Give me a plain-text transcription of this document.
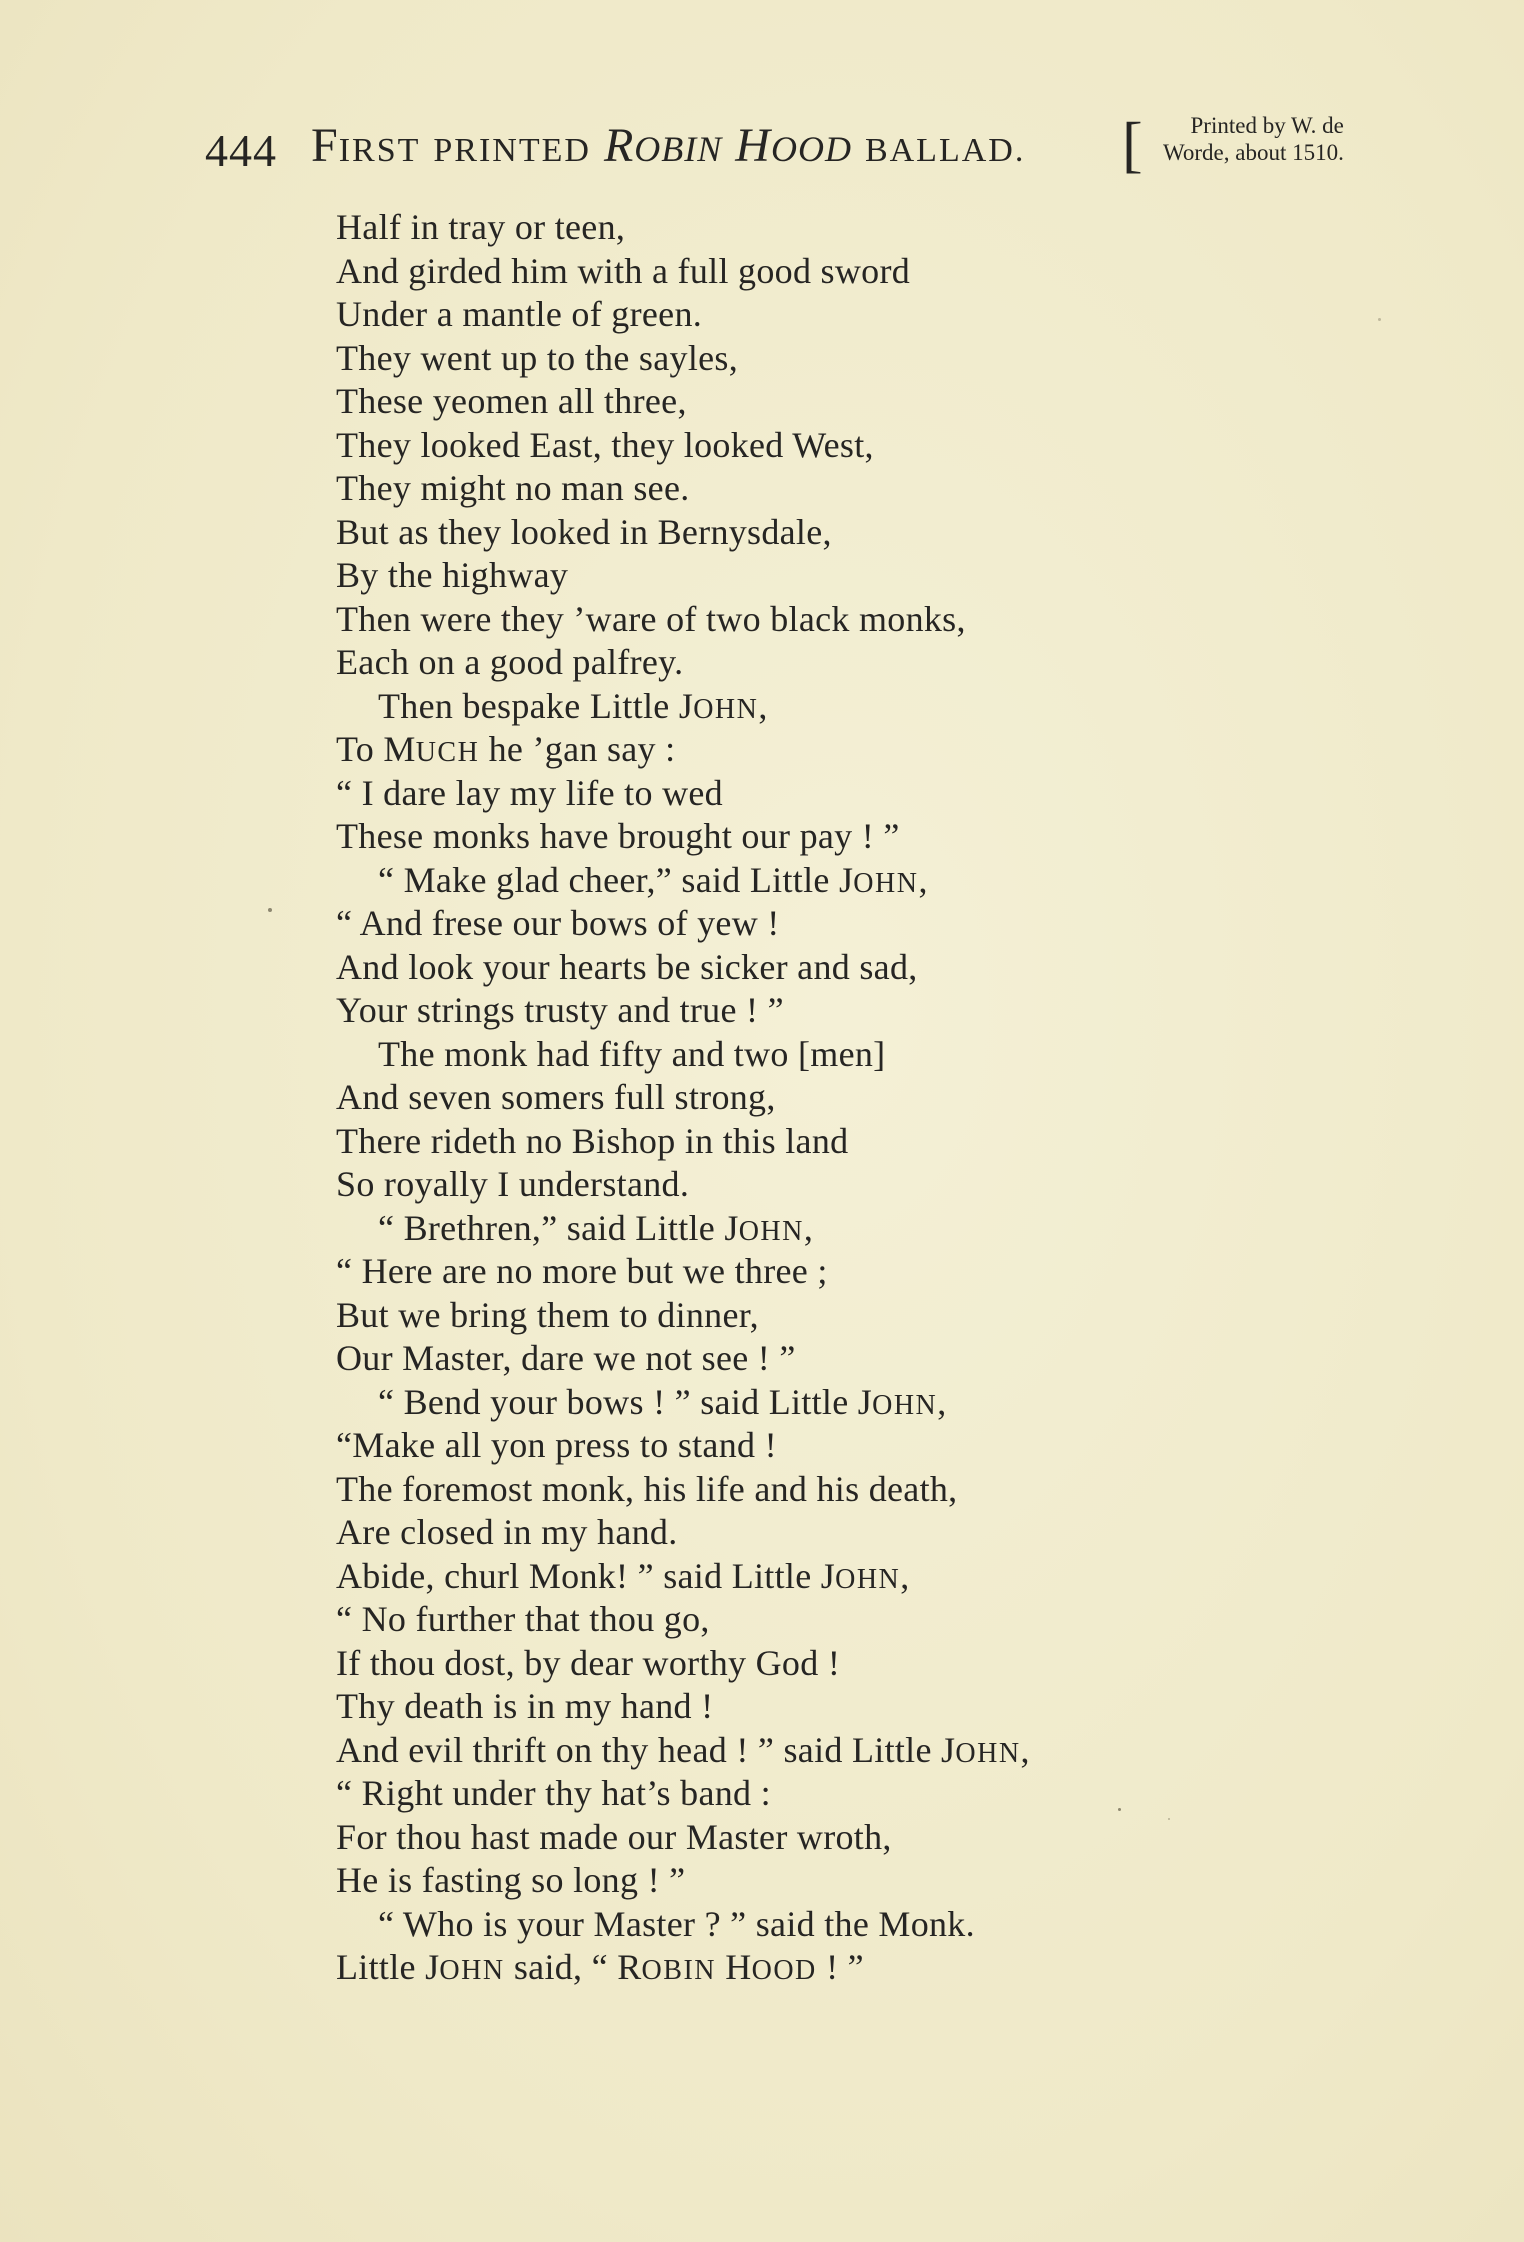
444 FIRST PRINTED ROBIN HOOD BALLAD. [	Printed by W. de
Worde, about 1510.
Half in tray or teen,
And girded him with a full good sword
Under a mantle of green.
They went up to the sayles,
These yeomen all three,
They looked East, they looked West,
They might no man see.
But as they looked in Bernysdale,
By the highway
Then were they ’ware of two black monks,
Each on a good palfrey.
Then bespake Little JOHN,
To MUCH he ’gan say :
“ I dare lay my life to wed
These monks have brought our pay ! ”
“ Make glad cheer,” said Little JOHN,
“ And frese our bows of yew !
And look your hearts be sicker and sad,
Your strings trusty and true ! ”
The monk had fifty and two [men]
And seven somers full strong,
There rideth no Bishop in this land
So royally I understand.
“ Brethren,” said Little JOHN,
“ Here are no more but we three ;
But we bring them to dinner,
Our Master, dare we not see ! ”
“ Bend your bows ! ” said Little JOHN,
“Make all yon press to stand !
The foremost monk, his life and his death,
Are closed in my hand.
Abide, churl Monk! ” said Little JOHN,
“ No further that thou go,
If thou dost, by dear worthy God !
Thy death is in my hand !
And evil thrift on thy head ! ” said Little JOHN,
“ Right under thy hat’s band :
For thou hast made our Master wroth,
He is fasting so long ! ”
“ Who is your Master ? ” said the Monk.
Little JOHN said, “ ROBIN HOOD ! ”
